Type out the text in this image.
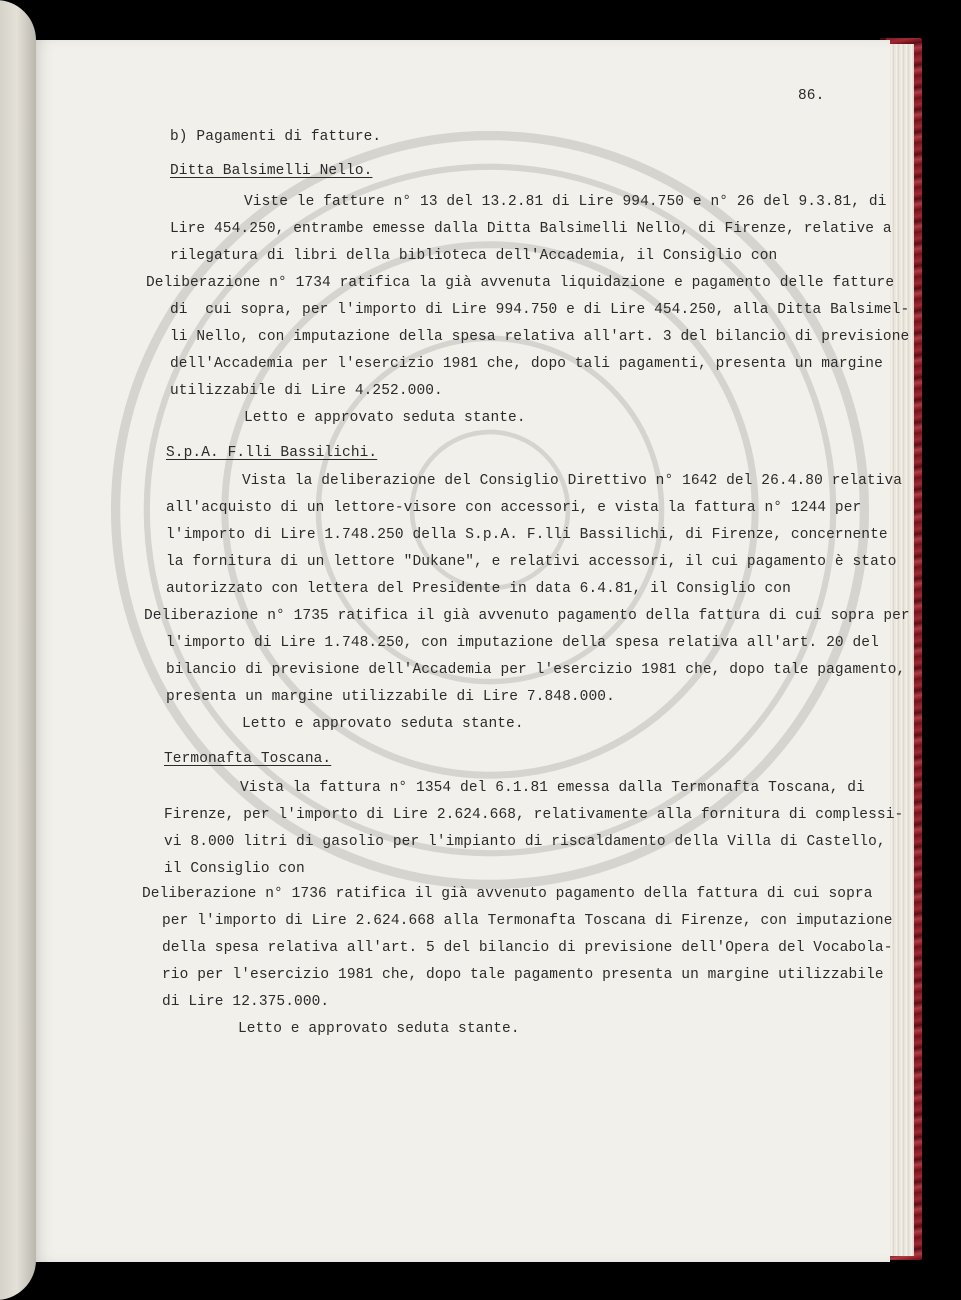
86.
b) Pagamenti di fatture.
Ditta Balsimelli Nello.
Viste le fatture n° 13 del 13.2.81 di Lire 994.750 e n° 26 del 9.3.81, di
Lire 454.250, entrambe emesse dalla Ditta Balsimelli Nello, di Firenze, relative a
rilegatura di libri della biblioteca dell'Accademia, il Consiglio con
Deliberazione n° 1734 ratifica la già avvenuta liquidazione e pagamento delle fatture
di  cui sopra, per l'importo di Lire 994.750 e di Lire 454.250, alla Ditta Balsimel-
li Nello, con imputazione della spesa relativa all'art. 3 del bilancio di previsione
dell'Accademia per l'esercizio 1981 che, dopo tali pagamenti, presenta un margine
utilizzabile di Lire 4.252.000.
Letto e approvato seduta stante.
S.p.A. F.lli Bassilichi.
Vista la deliberazione del Consiglio Direttivo n° 1642 del 26.4.80 relativa
all'acquisto di un lettore-visore con accessori, e vista la fattura n° 1244 per
l'importo di Lire 1.748.250 della S.p.A. F.lli Bassilichi, di Firenze, concernente
la fornitura di un lettore "Dukane", e relativi accessori, il cui pagamento è stato
autorizzato con lettera del Presidente in data 6.4.81, il Consiglio con
Deliberazione n° 1735 ratifica il già avvenuto pagamento della fattura di cui sopra per
l'importo di Lire 1.748.250, con imputazione della spesa relativa all'art. 20 del
bilancio di previsione dell'Accademia per l'esercizio 1981 che, dopo tale pagamento,
presenta un margine utilizzabile di Lire 7.848.000.
Letto e approvato seduta stante.
Termonafta Toscana.
Vista la fattura n° 1354 del 6.1.81 emessa dalla Termonafta Toscana, di
Firenze, per l'importo di Lire 2.624.668, relativamente alla fornitura di complessi-
vi 8.000 litri di gasolio per l'impianto di riscaldamento della Villa di Castello,
il Consiglio con
Deliberazione n° 1736 ratifica il già avvenuto pagamento della fattura di cui sopra
per l'importo di Lire 2.624.668 alla Termonafta Toscana di Firenze, con imputazione
della spesa relativa all'art. 5 del bilancio di previsione dell'Opera del Vocabola-
rio per l'esercizio 1981 che, dopo tale pagamento presenta un margine utilizzabile
di Lire 12.375.000.
Letto e approvato seduta stante.
